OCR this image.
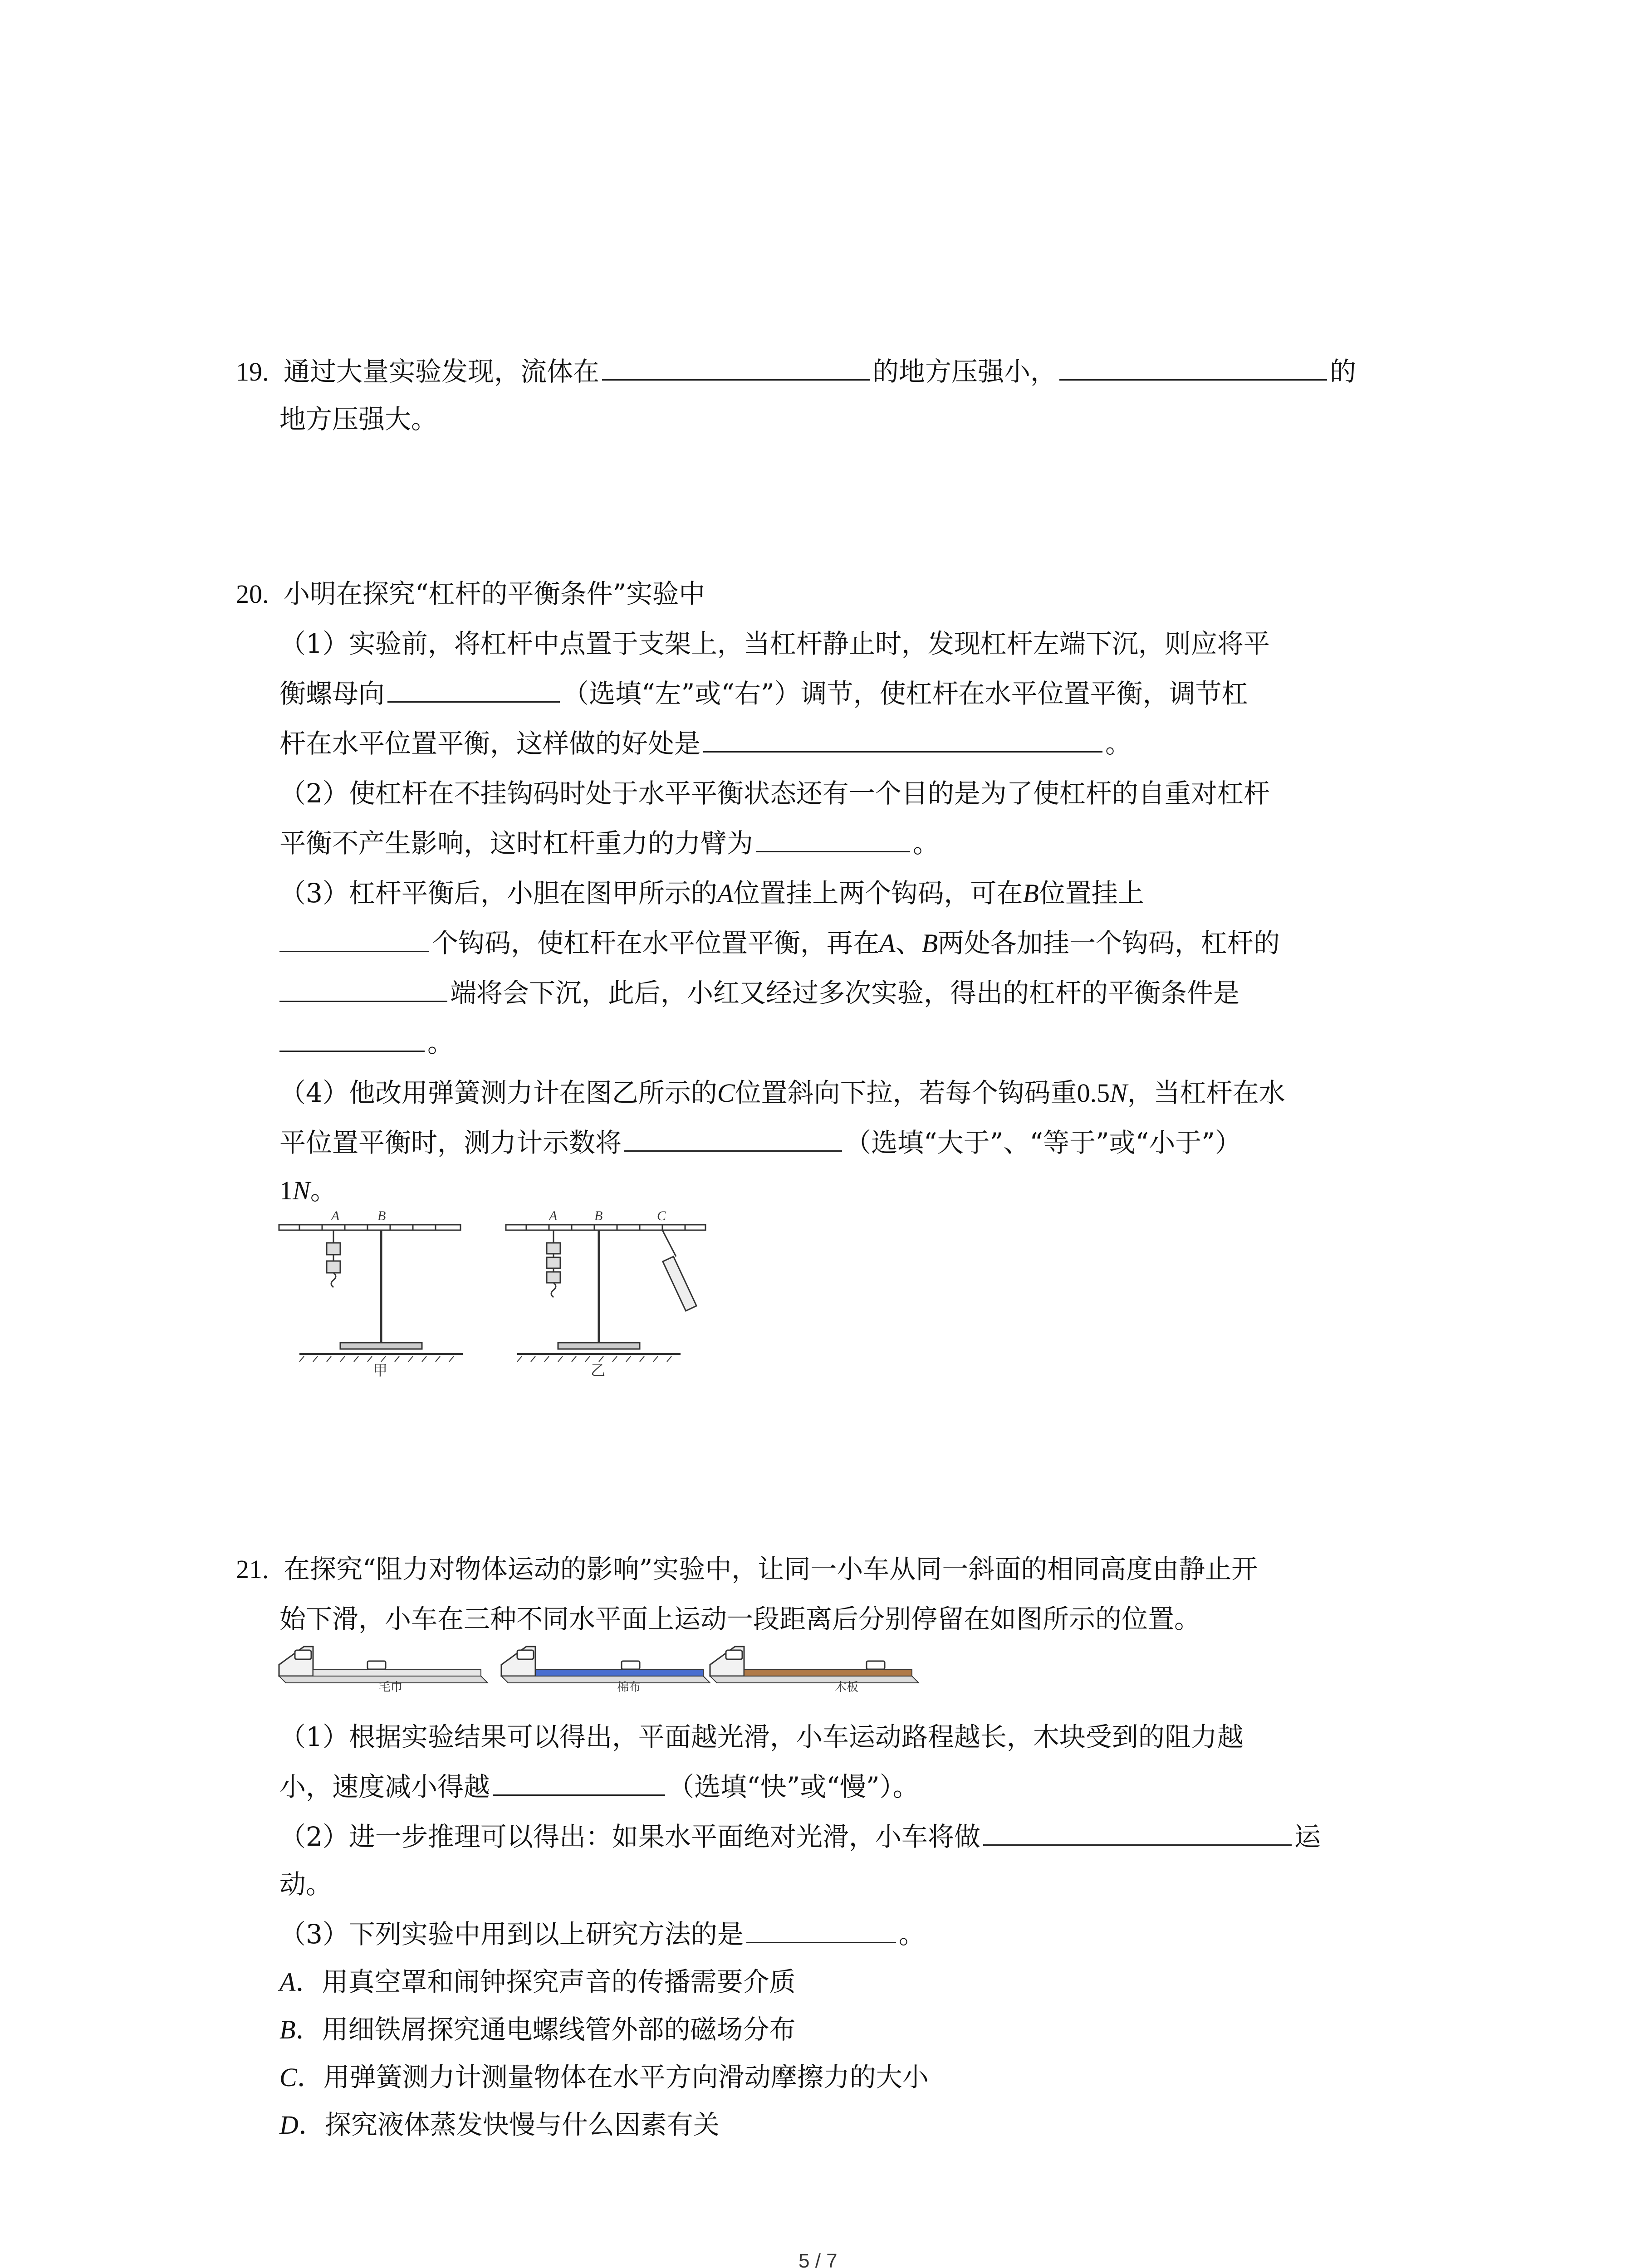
19. 通过大量实验发现，流体在	的地方压强小，	的
地方压强大。
20. 小明在探究“杠杆的平衡条件”实验中
（1）实验前，将杠杆中点置于支架上，当杠杆静止时，发现杠杆左端下沉，则应将平
衡螺母向	（选填“左”或“右”）调节，使杠杆在水平位置平衡，调节杠
杆在水平位置平衡，这样做的好处是	。
（2）使杠杆在不挂钩码时处于水平平衡状态还有一个目的是为了使杠杆的自重对杠杆
平衡不产生影响，这时杠杆重力的力臂为	。
（3）杠杆平衡后，小胆在图甲所示的A位置挂上两个钩码，可在B位置挂上
个钩码，使杠杆在水平位置平衡，再在A、B两处各加挂一个钩码，杠杆的
端将会下沉，此后，小红又经过多次实验，得出的杠杆的平衡条件是
。
（4）他改用弹簧测力计在图乙所示的C位置斜向下拉，若每个钩码重0.5N，当杠杆在水
平位置平衡时，测力计示数将	（选填“大于”、“等于”或“小于”）
1N。
A	B
甲
A	B	C
乙
21. 在探究“阻力对物体运动的影响”实验中，让同一小车从同一斜面的相同高度由静止开
始下滑，小车在三种不同水平面上运动一段距离后分别停留在如图所示的位置。
毛巾	棉布	木板
（1）根据实验结果可以得出，平面越光滑，小车运动路程越长，木块受到的阻力越
小，速度减小得越	（选填“快”或“慢”）。
（2）进一步推理可以得出：如果水平面绝对光滑，小车将做	运
动。
（3）下列实验中用到以上研究方法的是	。
A．用真空罩和闹钟探究声音的传播需要介质
B．用细铁屑探究通电螺线管外部的磁场分布
C．用弹簧测力计测量物体在水平方向滑动摩擦力的大小
D．探究液体蒸发快慢与什么因素有关
5 / 7
